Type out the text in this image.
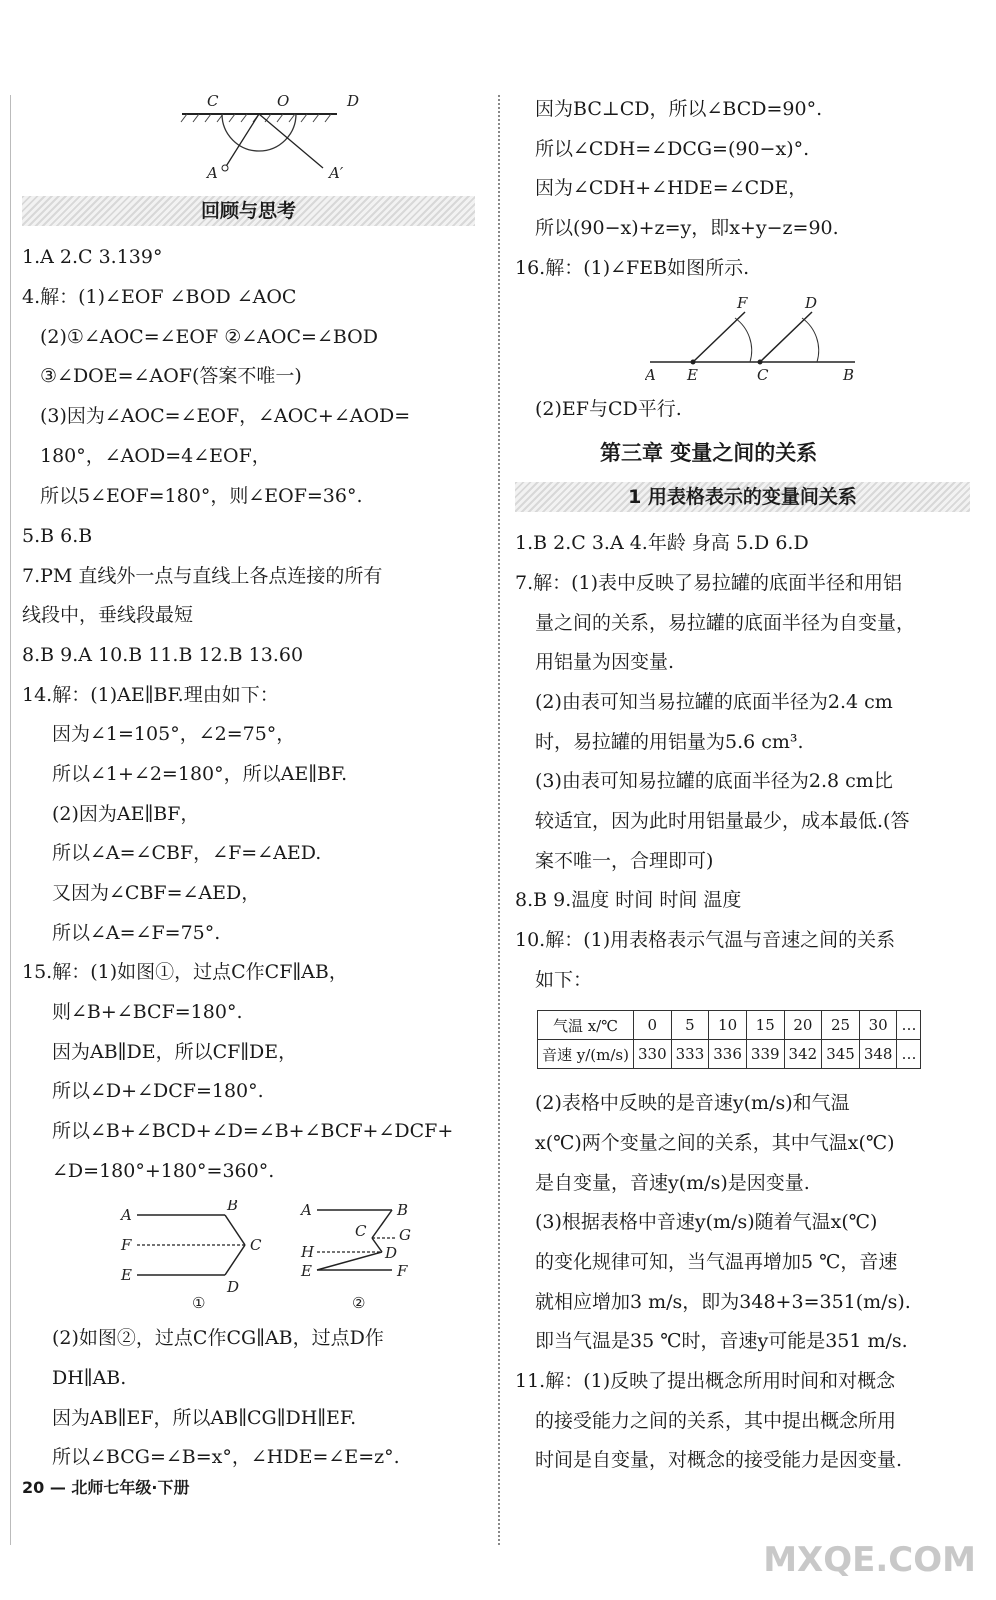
C	O	D
A	A′
回顾与思考
1.A 2.C 3.139°
4.解：(1)∠EOF ∠BOD ∠AOC
(2)①∠AOC=∠EOF ②∠AOC=∠BOD
③∠DOE=∠AOF(答案不唯一)
(3)因为∠AOC=∠EOF，∠AOC+∠AOD=
180°，∠AOD=4∠EOF，
所以5∠EOF=180°，则∠EOF=36°.
5.B 6.B
7.PM 直线外一点与直线上各点连接的所有
线段中，垂线段最短
8.B 9.A 10.B 11.B 12.B 13.60
14.解：(1)AE∥BF.理由如下：
因为∠1=105°，∠2=75°，
所以∠1+∠2=180°，所以AE∥BF.
(2)因为AE∥BF，
所以∠A=∠CBF，∠F=∠AED.
又因为∠CBF=∠AED，
所以∠A=∠F=75°.
15.解：(1)如图①，过点C作CF∥AB，
则∠B+∠BCF=180°.
因为AB∥DE，所以CF∥DE，
所以∠D+∠DCF=180°.
所以∠B+∠BCD+∠D=∠B+∠BCF+∠DCF+
∠D=180°+180°=360°.
A
B
C
D
E
F
①
A	B
C G
H	D
E	F
②
(2)如图②，过点C作CG∥AB，过点D作
DH∥AB.
因为AB∥EF，所以AB∥CG∥DH∥EF.
所以∠BCG=∠B=x°，∠HDE=∠E=z°.
20 — 北师七年级·下册
因为BC⊥CD，所以∠BCD=90°.
所以∠CDH=∠DCG=(90−x)°.
因为∠CDH+∠HDE=∠CDE，
所以(90−x)+z=y，即x+y−z=90.
16.解：(1)∠FEB如图所示.
A E	C	B
F	D
(2)EF与CD平行.
第三章 变量之间的关系
1 用表格表示的变量间关系
1.B 2.C 3.A 4.年龄 身高 5.D 6.D
7.解：(1)表中反映了易拉罐的底面半径和用铝
量之间的关系，易拉罐的底面半径为自变量，
用铝量为因变量.
(2)由表可知当易拉罐的底面半径为2.4 cm
时，易拉罐的用铝量为5.6 cm³.
(3)由表可知易拉罐的底面半径为2.8 cm比
较适宜，因为此时用铝量最少，成本最低.(答
案不唯一，合理即可)
8.B 9.温度 时间 时间 温度
10.解：(1)用表格表示气温与音速之间的关系
如下：
气温 x/℃	0	5	10	15	20	25	30	…
音速 y/(m/s)	330	333	336	339	342	345	348	…
(2)表格中反映的是音速y(m/s)和气温
x(℃)两个变量之间的关系，其中气温x(℃)
是自变量，音速y(m/s)是因变量.
(3)根据表格中音速y(m/s)随着气温x(℃)
的变化规律可知，当气温再增加5 ℃，音速
就相应增加3 m/s，即为348+3=351(m/s).
即当气温是35 ℃时，音速y可能是351 m/s.
11.解：(1)反映了提出概念所用时间和对概念
的接受能力之间的关系，其中提出概念所用
时间是自变量，对概念的接受能力是因变量.
MXQE.COM
